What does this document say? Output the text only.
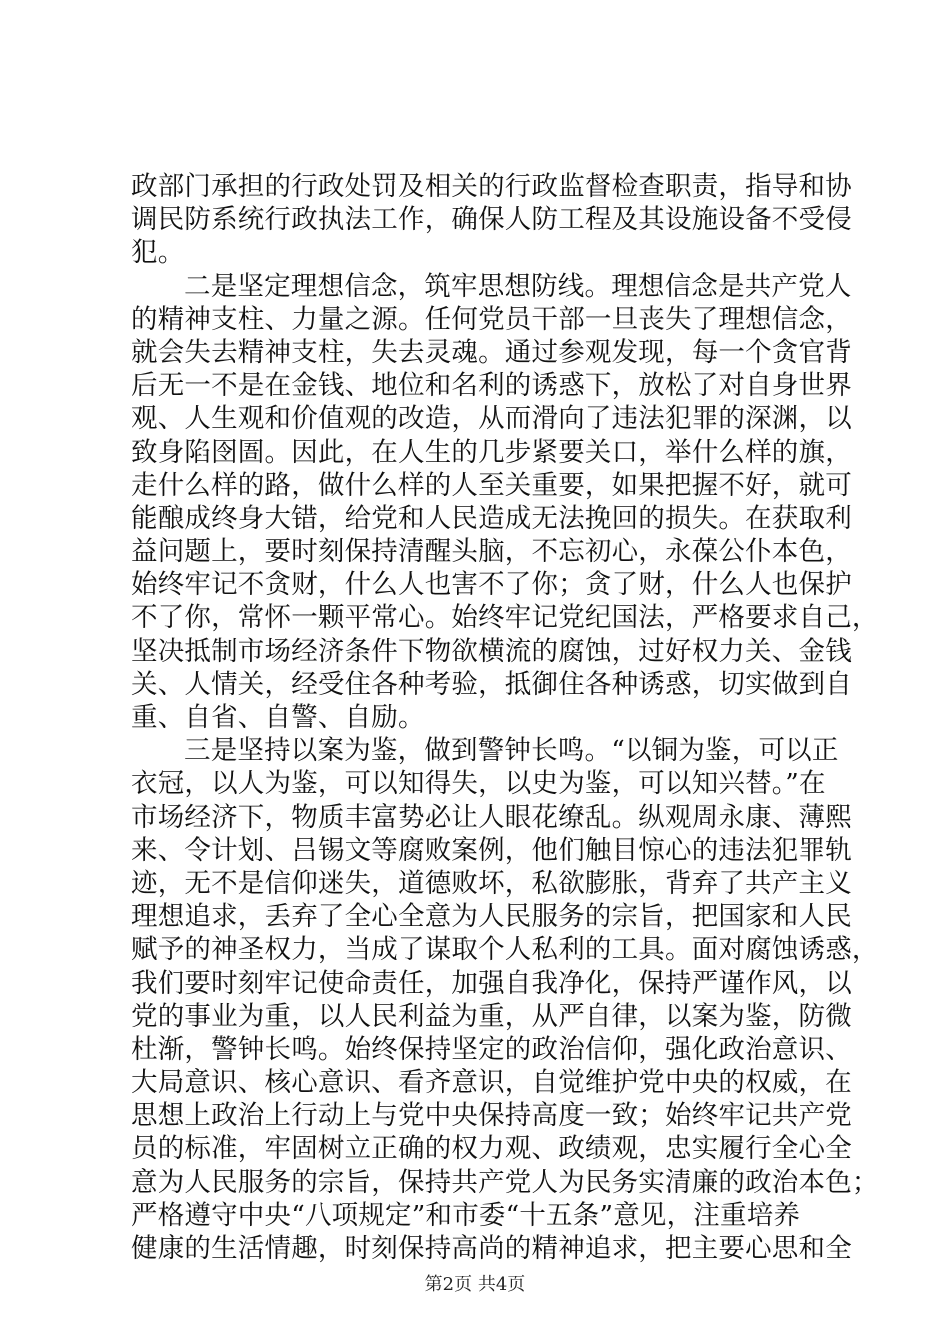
政部门承担的行政处罚及相关的行政监督检查职责，指导和协
调民防系统行政执法工作，确保人防工程及其设施设备不受侵
犯。
二是坚定理想信念，筑牢思想防线。理想信念是共产党人
的精神支柱、力量之源。任何党员干部一旦丧失了理想信念，
就会失去精神支柱，失去灵魂。通过参观发现，每一个贪官背
后无一不是在金钱、地位和名利的诱惑下，放松了对自身世界
观、人生观和价值观的改造，从而滑向了违法犯罪的深渊，以
致身陷囹圄。因此，在人生的几步紧要关口，举什么样的旗，
走什么样的路，做什么样的人至关重要，如果把握不好，就可
能酿成终身大错，给党和人民造成无法挽回的损失。在获取利
益问题上，要时刻保持清醒头脑，不忘初心，永葆公仆本色，
始终牢记不贪财，什么人也害不了你；贪了财，什么人也保护
不了你，常怀一颗平常心。始终牢记党纪国法，严格要求自己，
坚决抵制市场经济条件下物欲横流的腐蚀，过好权力关、金钱
关、人情关，经受住各种考验，抵御住各种诱惑，切实做到自
重、自省、自警、自励。
三是坚持以案为鉴，做到警钟长鸣。“以铜为鉴，可以正
衣冠，以人为鉴，可以知得失，以史为鉴，可以知兴替。”在
市场经济下，物质丰富势必让人眼花缭乱。纵观周永康、薄熙
来、令计划、吕锡文等腐败案例，他们触目惊心的违法犯罪轨
迹，无不是信仰迷失，道德败坏，私欲膨胀，背弃了共产主义
理想追求，丢弃了全心全意为人民服务的宗旨，把国家和人民
赋予的神圣权力，当成了谋取个人私利的工具。面对腐蚀诱惑，
我们要时刻牢记使命责任，加强自我净化，保持严谨作风，以
党的事业为重，以人民利益为重，从严自律，以案为鉴，防微
杜渐，警钟长鸣。始终保持坚定的政治信仰，强化政治意识、
大局意识、核心意识、看齐意识，自觉维护党中央的权威，在
思想上政治上行动上与党中央保持高度一致；始终牢记共产党
员的标准，牢固树立正确的权力观、政绩观，忠实履行全心全
意为人民服务的宗旨，保持共产党人为民务实清廉的政治本色；
严格遵守中央“八项规定”和市委“十五条”意见，注重培养
健康的生活情趣，时刻保持高尚的精神追求，把主要心思和全
第2页 共4页
